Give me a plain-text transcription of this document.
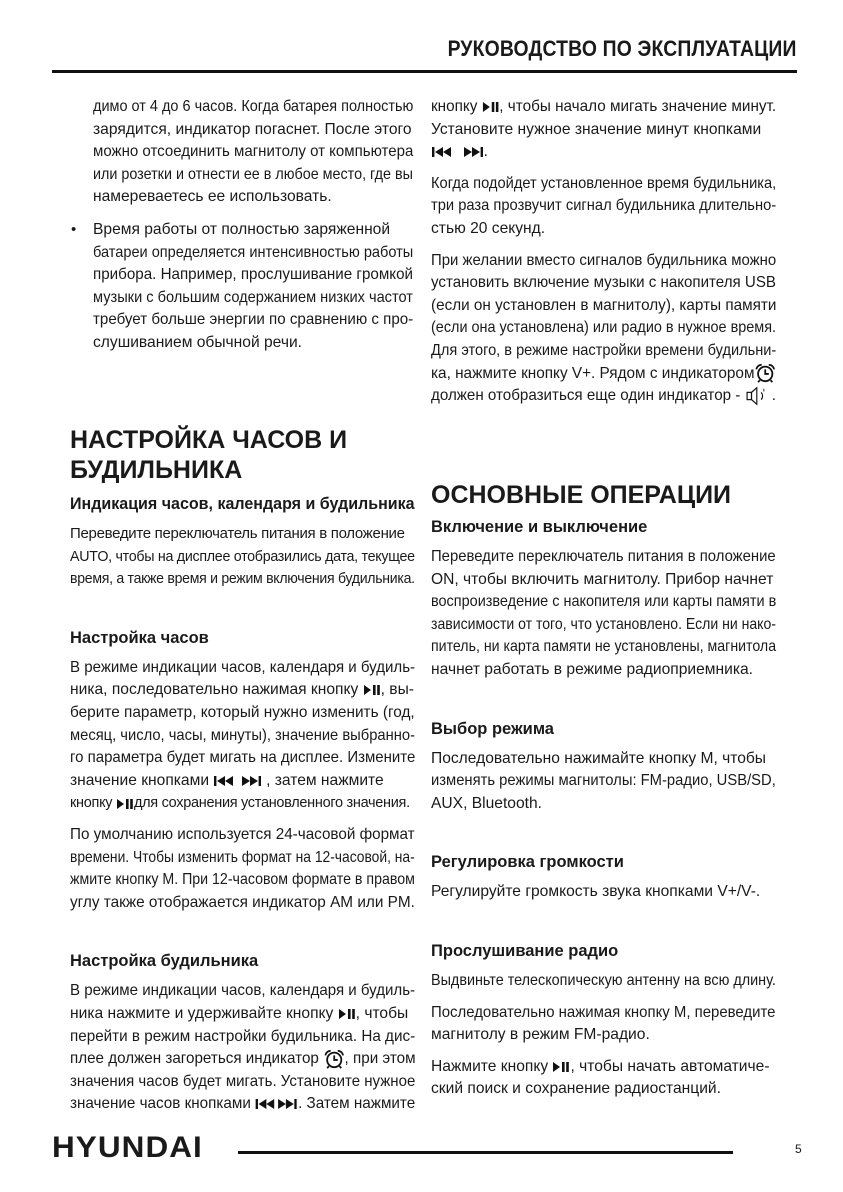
РУКОВОДСТВО ПО ЭКСПЛУАТАЦИИ
димо от 4 до 6 часов. Когда батарея полностью
зарядится, индикатор погаснет. После этого
можно отсоединить магнитолу от компьютера
или розетки и отнести ее в любое место, где вы
намереваетесь ее использовать.
• Время работы от полностью заряженной
батареи определяется интенсивностью работы
прибора. Например, прослушивание громкой
музыки с большим содержанием низких частот
требует больше энергии по сравнению с про-
слушиванием обычной речи.
кнопку , чтобы начало мигать значение минут.
Установите нужное значение минут кнопками
.
Когда подойдет установленное время будильника,
три раза прозвучит сигнал будильника длительно-
стью 20 секунд.
При желании вместо сигналов будильника можно
установить включение музыки с накопителя USB
(если он установлен в магнитолу), карты памяти
(если она установлена) или радио в нужное время.
Для этого, в режиме настройки времени будильни-
ка, нажмите кнопку V+. Рядом с индикатором
должен отобразиться еще один индикатор - .
НАСТРОЙКА ЧАСОВ И
БУДИЛЬНИКА
Индикация часов, календаря и будильника
Переведите переключатель питания в положение
AUTO, чтобы на дисплее отобразились дата, текущее
время, а также время и режим включения будильника.
Настройка часов
В режиме индикации часов, календаря и будиль-
ника, последовательно нажимая кнопку , вы-
берите параметр, который нужно изменить (год,
месяц, число, часы, минуты), значение выбранно-
го параметра будет мигать на дисплее. Измените
значение кнопками	, затем нажмите
кнопку для сохранения установленного значения.
По умолчанию используется 24-часовой формат
времени. Чтобы изменить формат на 12-часовой, на-
жмите кнопку M. При 12-часовом формате в правом
углу также отображается индикатор AM или PM.
Настройка будильника
В режиме индикации часов, календаря и будиль-
ника нажмите и удерживайте кнопку , чтобы
перейти в режим настройки будильника. На дис-
плее должен загореться индикатор , при этом
значения часов будет мигать. Установите нужное
значение часов кнопками	. Затем нажмите
ОСНОВНЫЕ ОПЕРАЦИИ
Включение и выключение
Переведите переключатель питания в положение
ON, чтобы включить магнитолу. Прибор начнет
воспроизведение с накопителя или карты памяти в
зависимости от того, что установлено. Если ни нако-
питель, ни карта памяти не установлены, магнитола
начнет работать в режиме радиоприемника.
Выбор режима
Последовательно нажимайте кнопку M, чтобы
изменять режимы магнитолы: FM-радио, USB/SD,
AUX, Bluetooth.
Регулировка громкости
Регулируйте громкость звука кнопками V+/V-.
Прослушивание радио
Выдвиньте телескопическую антенну на всю длину.
Последовательно нажимая кнопку M, переведите
магнитолу в режим FM-радио.
Нажмите кнопку , чтобы начать автоматиче-
ский поиск и сохранение радиостанций.
HYUNDAI	5
